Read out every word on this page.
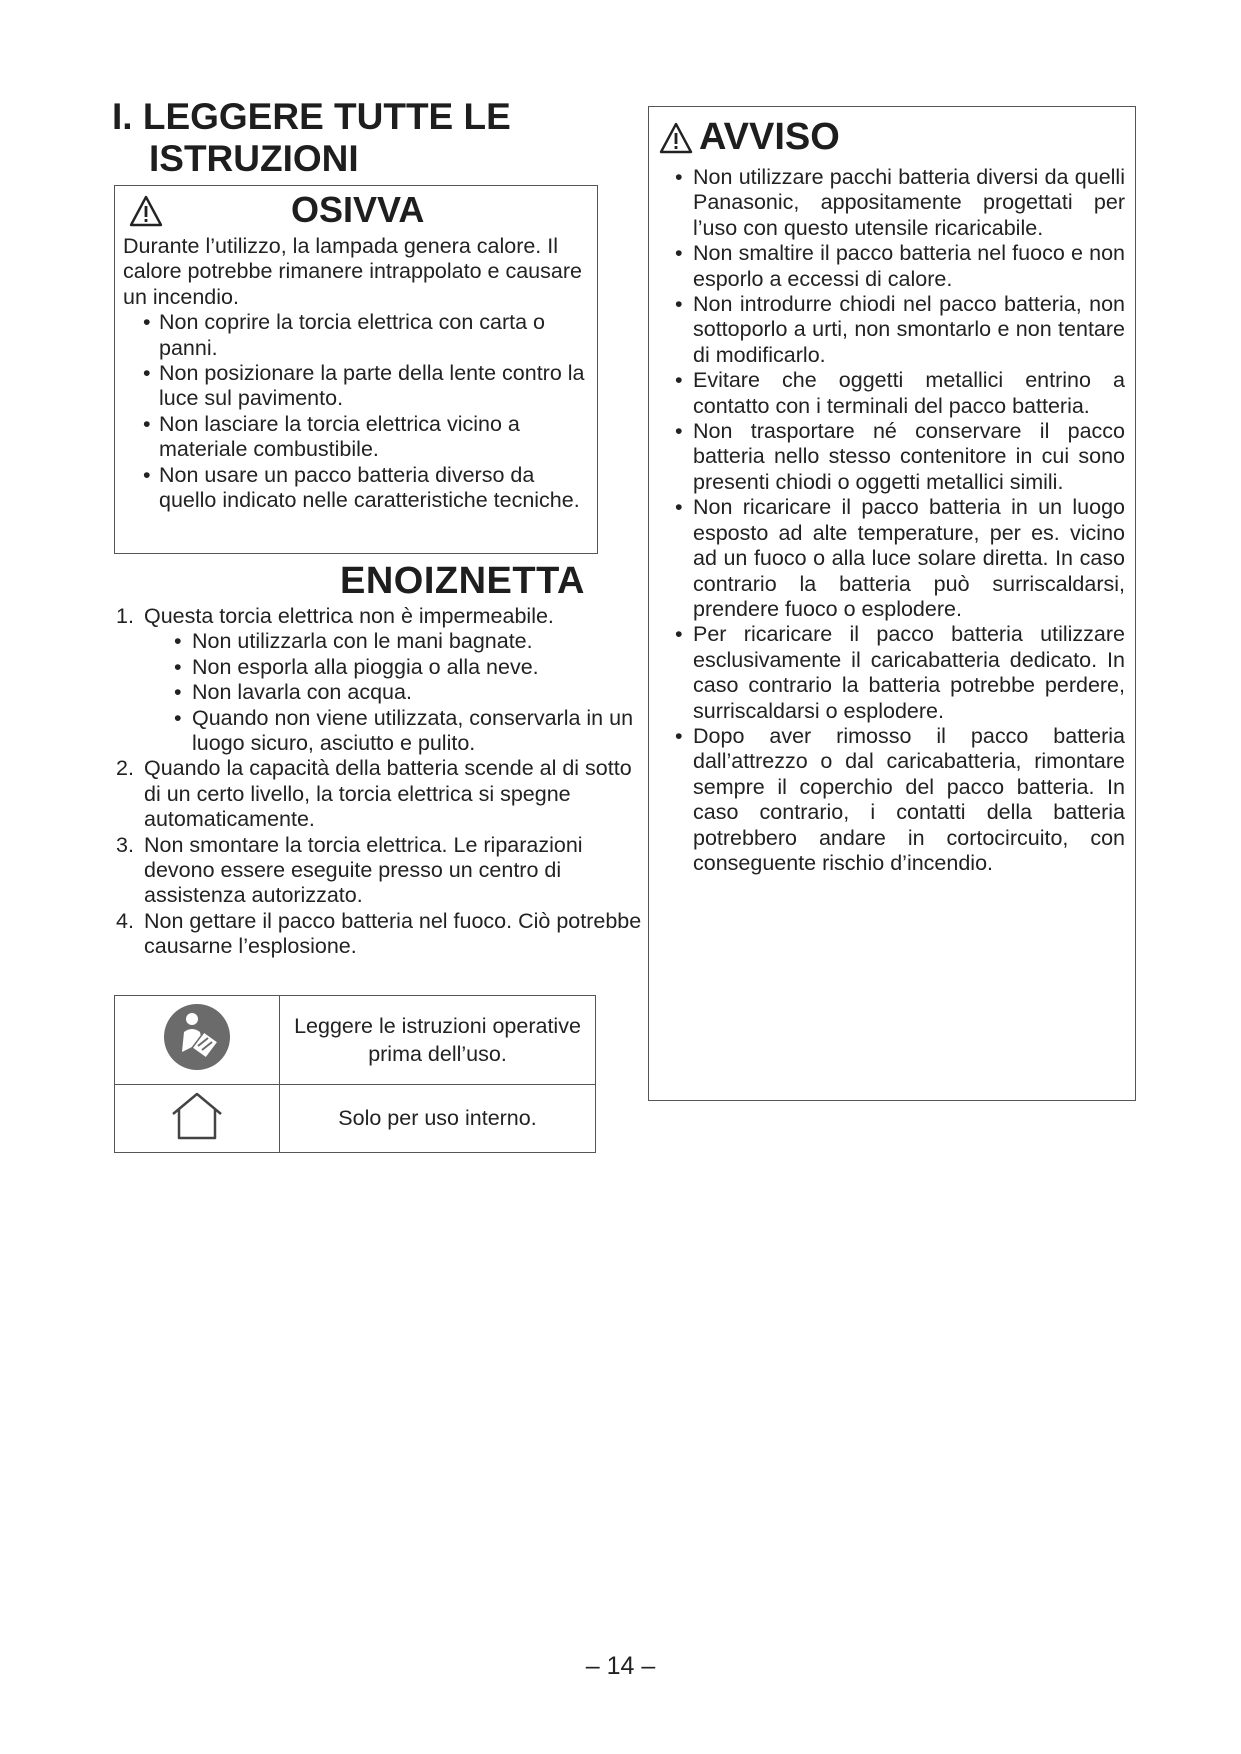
I. LEGGERE TUTTE LE
ISTRUZIONI
OSIVVA
Durante l’utilizzo, la lampada genera calore. Il calore potrebbe rimanere intrappolato e causare un incendio.
• Non coprire la torcia elettrica con carta o panni.
• Non posizionare la parte della lente contro la luce sul pavimento.
• Non lasciare la torcia elettrica vicino a materiale combustibile.
• Non usare un pacco batteria diverso da quello indicato nelle caratteristiche tecniche.
ENOIZNETTA
1. Questa torcia elettrica non è impermeabile.
• Non utilizzarla con le mani bagnate.
• Non esporla alla pioggia o alla neve.
• Non lavarla con acqua.
• Quando non viene utilizzata, conservarla in un luogo sicuro, asciutto e pulito.
2. Quando la capacità della batteria scende al di sotto di un certo livello, la torcia elettrica si spegne automaticamente.
3. Non smontare la torcia elettrica. Le riparazioni devono essere eseguite presso un centro di assistenza autorizzato.
4. Non gettare il pacco batteria nel fuoco. Ciò potrebbe causarne l’esplosione.
	Leggere le istruzioni operative prima dell’uso.
	Solo per uso interno.
AVVISO
• Non utilizzare pacchi batteria diversi da quelli Panasonic, appositamente progettati per l’uso con questo utensile ricaricabile.
• Non smaltire il pacco batteria nel fuoco e non esporlo a eccessi di calore.
• Non introdurre chiodi nel pacco batteria, non sottoporlo a urti, non smontarlo e non tentare di modificarlo.
• Evitare che oggetti metallici entrino a contatto con i terminali del pacco batteria.
• Non trasportare né conservare il pacco batteria nello stesso contenitore in cui sono presenti chiodi o oggetti metallici simili.
• Non ricaricare il pacco batteria in un luogo esposto ad alte temperature, per es. vicino ad un fuoco o alla luce solare diretta. In caso contrario la batteria può surriscaldarsi, prendere fuoco o esplodere.
• Per ricaricare il pacco batteria utilizzare esclusivamente il caricabatteria dedicato. In caso contrario la batteria potrebbe perdere, surriscaldarsi o esplodere.
• Dopo aver rimosso il pacco batteria dall’attrezzo o dal caricabatteria, rimontare sempre il coperchio del pacco batteria. In caso contrario, i contatti della batteria potrebbero andare in cortocircuito, con conseguente rischio d’incendio.
– 14 –
